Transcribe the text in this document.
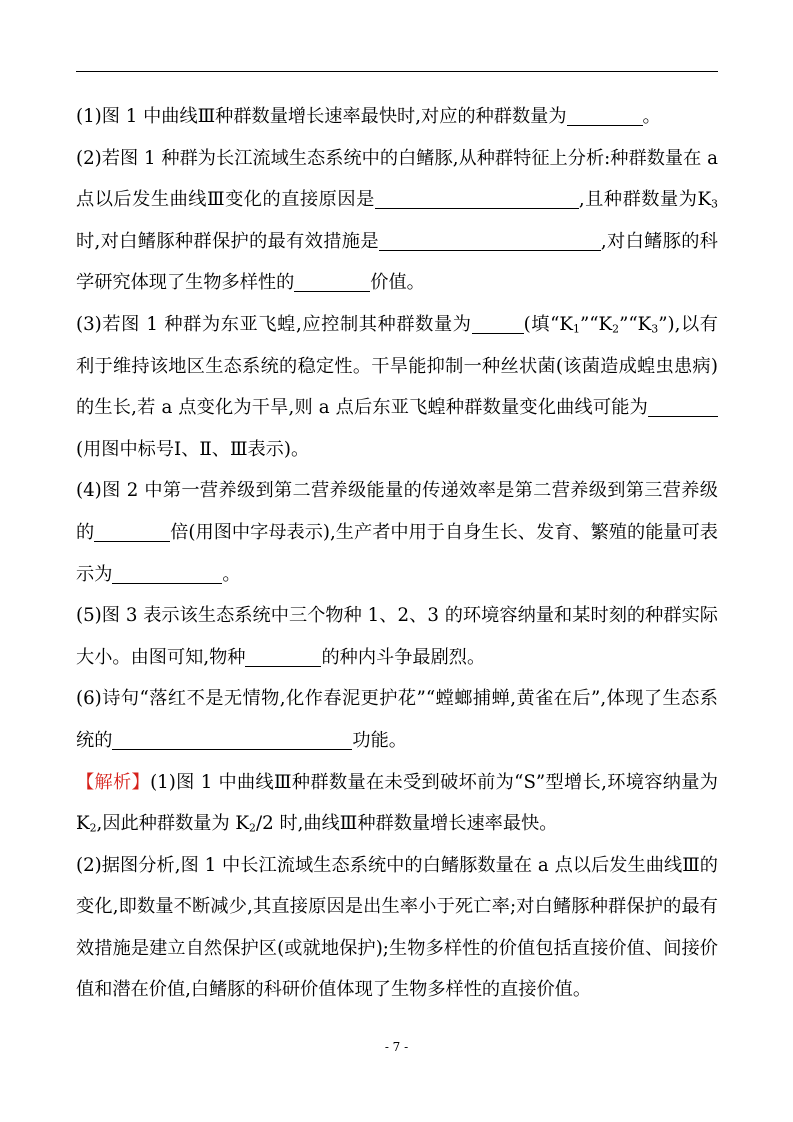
(1)图 1 中曲线Ⅲ种群数量增长速率最快时,对应的种群数量为	。

(2)若图 1 种群为长江流域生态系统中的白鳍豚,从种群特征上分析:种群数量在 a 点以后发生曲线Ⅲ变化的直接原因是	,且种群数量为$K_3$时,对白鳍豚种群保护的最有效措施是	,对白鳍豚的科学研究体现了生物多样性的	价值。

(3)若图 1 种群为东亚飞蝗,应控制其种群数量为	(填“$K_1”“K_2”“K_3$”),以有利于维持该地区生态系统的稳定性。干旱能抑制一种丝状菌(该菌造成蝗虫患病)的生长,若 a 点变化为干旱,则 a 点后东亚飞蝗种群数量变化曲线可能为(用图中标号Ⅰ、Ⅱ、Ⅲ表示)。

(4)图 2 中第一营养级到第二营养级能量的传递效率是第二营养级到第三营养级的	倍(用图中字母表示),生产者中用于自身生长、发育、繁殖的能量可表示为	。

(5)图 3 表示该生态系统中三个物种 1、2、3 的环境容纳量和某时刻的种群实际大小。由图可知,物种	的种内斗争最剧烈。

(6)诗句“落红不是无情物,化作春泥更护花”“螳螂捕蝉,黄雀在后”,体现了生态系统的	功能。

【解析】(1)图 1 中曲线Ⅲ种群数量在未受到破坏前为“S”型增长,环境容纳量为 $K_2$,因此种群数量为 $K_2/2$ 时,曲线Ⅲ种群数量增长速率最快。

(2)据图分析,图 1 中长江流域生态系统中的白鳍豚数量在 a 点以后发生曲线Ⅲ的变化,即数量不断减少,其直接原因是出生率小于死亡率;对白鳍豚种群保护的最有效措施是建立自然保护区(或就地保护);生物多样性的价值包括直接价值、间接价值和潜在价值,白鳍豚的科研价值体现了生物多样性的直接价值。

- 7 -
